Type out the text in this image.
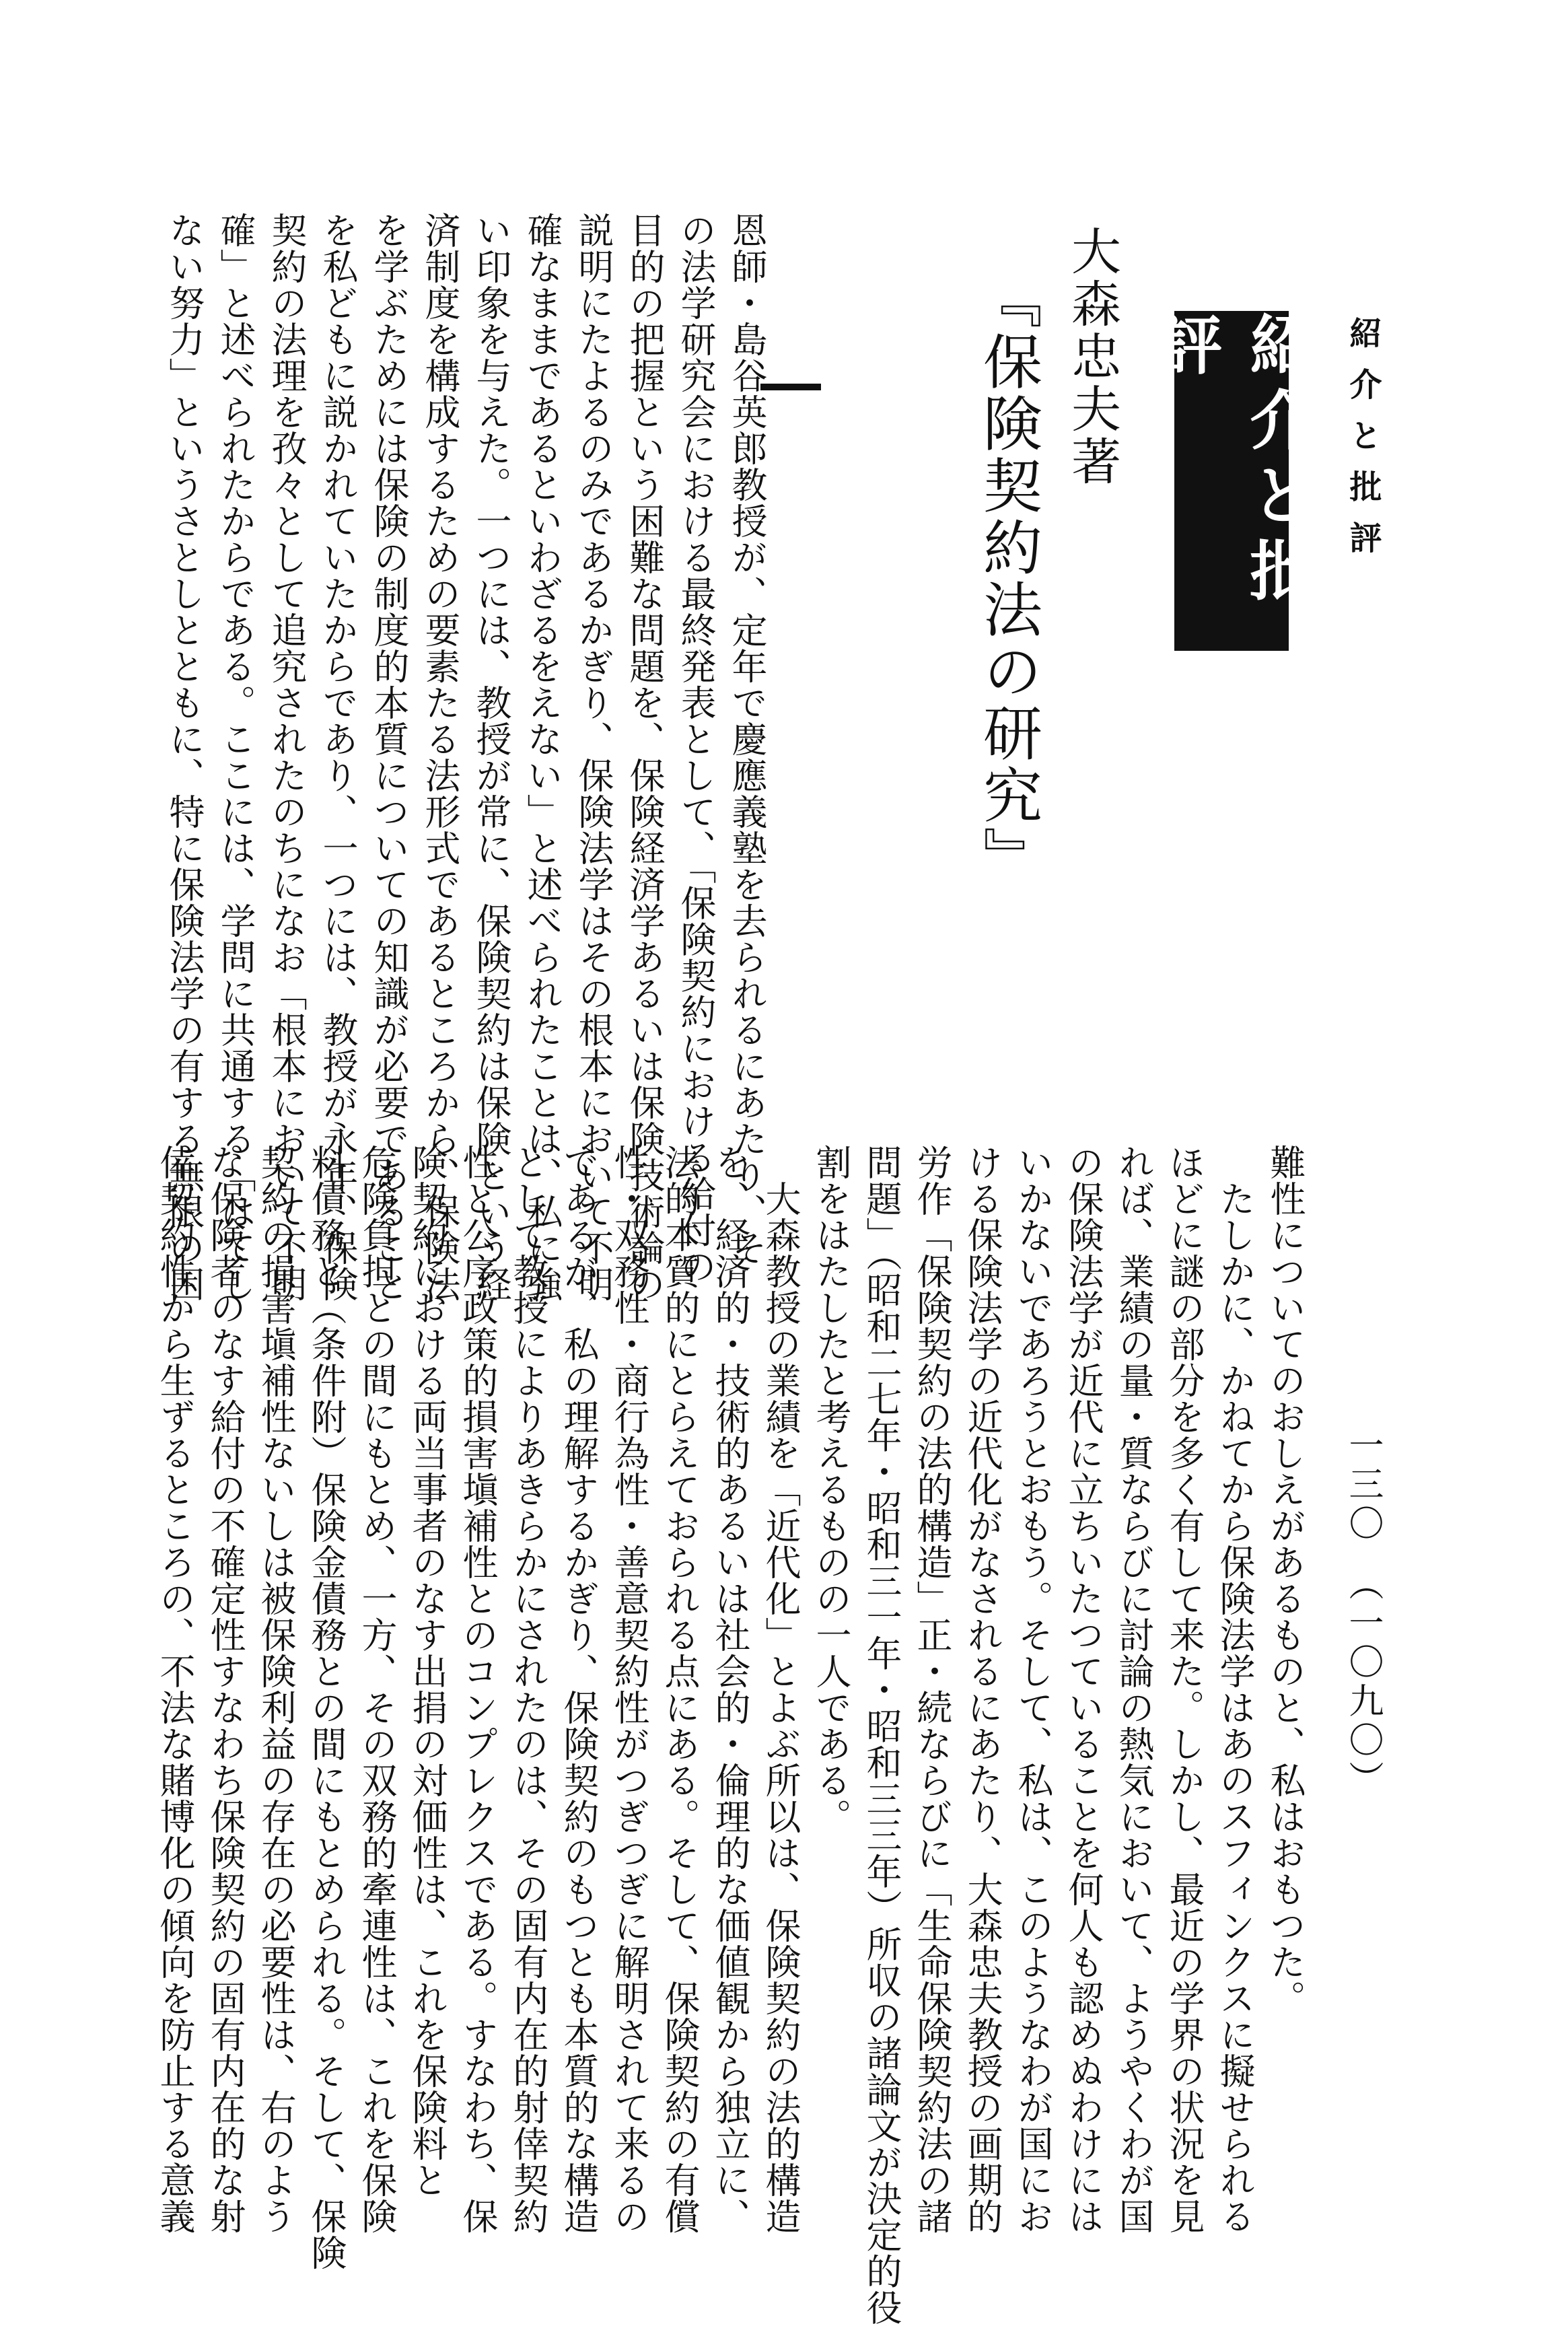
紹介と批評
紹介と批評
大森忠夫著
『保険契約法の研究』
一三〇　（一〇九〇）
恩師・島谷英郎教授が、定年で慶應義塾を去られるにあたり、そ
の法学研究会における最終発表として、「保険契約における給付の
目的の把握という困難な問題を、保険経済学あるいは保険技術論の
説明にたよるのみであるかぎり、保険法学はその根本において不明
確なままであるといわざるをえない」と述べられたことは、私に強
い印象を与えた。一つには、教授が常に、保険契約は保険という経
済制度を構成するための要素たる法形式であるところから、保険法
を学ぶためには保険の制度的本質についての知識が必要であること
を私どもに説かれていたからであり、一つには、教授が永年、保険
契約の法理を孜々として追究されたのちになお「根本において不明
確」と述べられたからである。ここには、学問に共通する「はてし
ない努力」というさとしとともに、特に保険法学の有する無限の困
難性についてのおしえがあるものと、私はおもつた。
　たしかに、かねてから保険法学はあのスフィンクスに擬せられる
ほどに謎の部分を多く有して来た。しかし、最近の学界の状況を見
れば、業績の量・質ならびに討論の熱気において、ようやくわが国
の保険法学が近代に立ちいたつていることを何人も認めぬわけには
いかないであろうとおもう。そして、私は、このようなわが国にお
ける保険法学の近代化がなされるにあたり、大森忠夫教授の画期的
労作「保険契約の法的構造」正・続ならびに「生命保険契約法の諸
問題」（昭和二七年・昭和三一年・昭和三三年）所収の諸論文が決定的役
割をはたしたと考えるものの一人である。
　大森教授の業績を「近代化」とよぶ所以は、保険契約の法的構造
を、経済的・技術的あるいは社会的・倫理的な価値観から独立に、
法的本質的にとらえておられる点にある。そして、保険契約の有償
性・双務性・商行為性・善意契約性がつぎつぎに解明されて来るの
であるが、私の理解するかぎり、保険契約のもつとも本質的な構造
として教授によりあきらかにされたのは、その固有内在的射倖契約
性と公序政策的損害塡補性とのコンプレクスである。すなわち、保
険契約における両当事者のなす出捐の対価性は、これを保険料と
危険負担との間にもとめ、一方、その双務的牽連性は、これを保険
料債務と（条件附）保険金債務との間にもとめられる。そして、保険
契約の損害塡補性ないしは被保険利益の存在の必要性は、右のよう
な保険者のなす給付の不確定性すなわち保険契約の固有内在的な射
倖契約性から生ずるところの、不法な賭博化の傾向を防止する意義
